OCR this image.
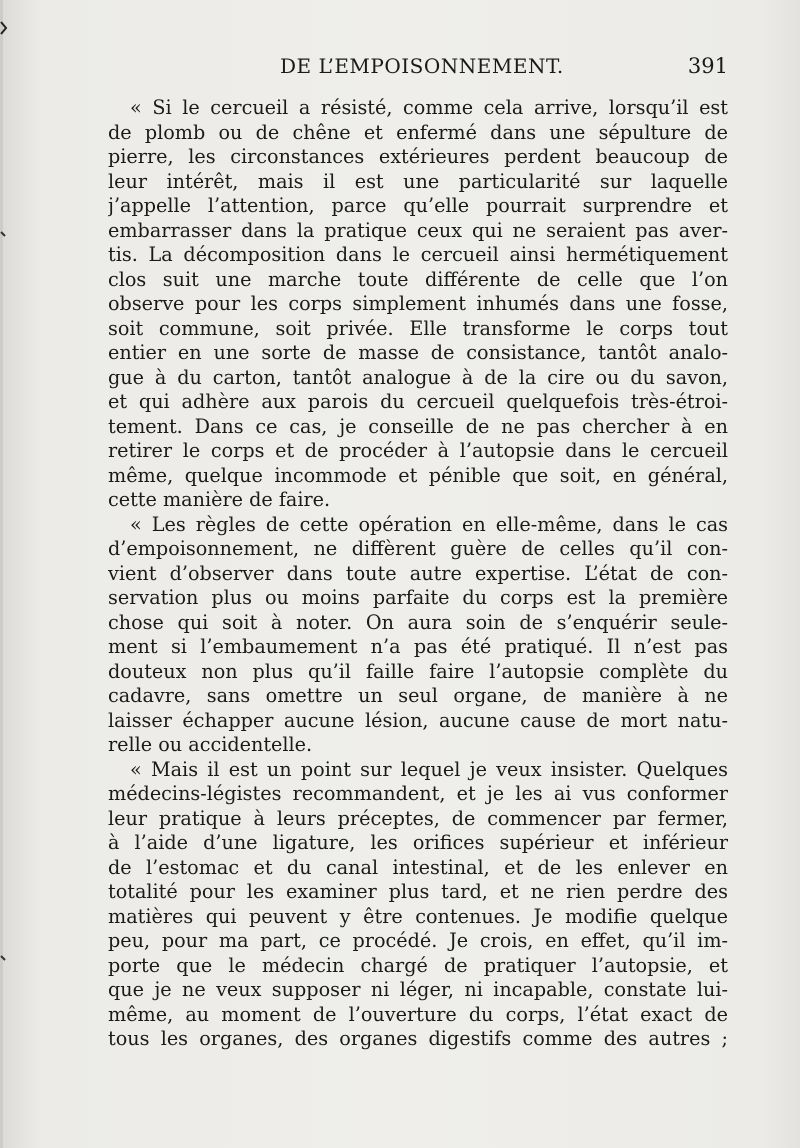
DE L’EMPOISONNEMENT.	391
« Si le cercueil a résisté, comme cela arrive, lorsqu’il est
de plomb ou de chêne et enfermé dans une sépulture de
pierre, les circonstances extérieures perdent beaucoup de
leur intérêt, mais il est une particularité sur laquelle
j’appelle l’attention, parce qu’elle pourrait surprendre et
embarrasser dans la pratique ceux qui ne seraient pas aver-
tis. La décomposition dans le cercueil ainsi hermétiquement
clos suit une marche toute différente de celle que l’on
observe pour les corps simplement inhumés dans une fosse,
soit commune, soit privée. Elle transforme le corps tout
entier en une sorte de masse de consistance, tantôt analo-
gue à du carton, tantôt analogue à de la cire ou du savon,
et qui adhère aux parois du cercueil quelquefois très-étroi-
tement. Dans ce cas, je conseille de ne pas chercher à en
retirer le corps et de procéder à l’autopsie dans le cercueil
même, quelque incommode et pénible que soit, en général,
cette manière de faire.
« Les règles de cette opération en elle-même, dans le cas
d’empoisonnement, ne diffèrent guère de celles qu’il con-
vient d’observer dans toute autre expertise. L’état de con-
servation plus ou moins parfaite du corps est la première
chose qui soit à noter. On aura soin de s’enquérir seule-
ment si l’embaumement n’a pas été pratiqué. Il n’est pas
douteux non plus qu’il faille faire l’autopsie complète du
cadavre, sans omettre un seul organe, de manière à ne
laisser échapper aucune lésion, aucune cause de mort natu-
relle ou accidentelle.
« Mais il est un point sur lequel je veux insister. Quelques
médecins-légistes recommandent, et je les ai vus conformer
leur pratique à leurs préceptes, de commencer par fermer,
à l’aide d’une ligature, les orifices supérieur et inférieur
de l’estomac et du canal intestinal, et de les enlever en
totalité pour les examiner plus tard, et ne rien perdre des
matières qui peuvent y être contenues. Je modifie quelque
peu, pour ma part, ce procédé. Je crois, en effet, qu’il im-
porte que le médecin chargé de pratiquer l’autopsie, et
que je ne veux supposer ni léger, ni incapable, constate lui-
même, au moment de l’ouverture du corps, l’état exact de
tous les organes, des organes digestifs comme des autres ;
